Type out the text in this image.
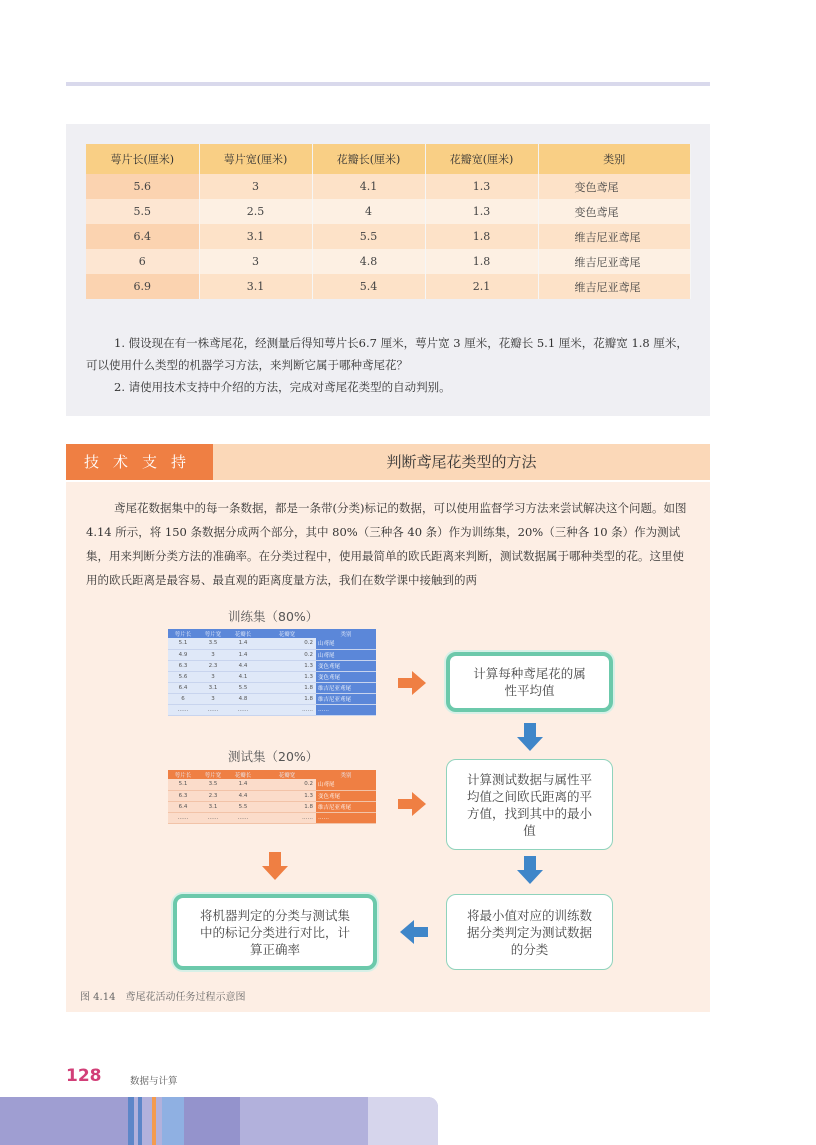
萼片长(厘米)	萼片宽(厘米)	花瓣长(厘米)	花瓣宽(厘米)	类别
5.6	3	4.1	1.3	变色鸢尾
5.5	2.5	4	1.3	变色鸢尾
6.4	3.1	5.5	1.8	维吉尼亚鸢尾
6	3	4.8	1.8	维吉尼亚鸢尾
6.9	3.1	5.4	2.1	维吉尼亚鸢尾

1. 假设现在有一株鸢尾花，经测量后得知萼片长6.7 厘米，萼片宽 3 厘米，花瓣长 5.1 厘米，花瓣宽 1.8 厘米，可以使用什么类型的机器学习方法，来判断它属于哪种鸢尾花？

2. 请使用技术支持中介绍的方法，完成对鸢尾花类型的自动判别。

技术支持	判断鸢尾花类型的方法

鸢尾花数据集中的每一条数据，都是一条带(分类)标记的数据，可以使用监督学习方法来尝试解决这个问题。如图 4.14 所示，将 150 条数据分成两个部分，其中 80%（三种各 40 条）作为训练集，20%（三种各 10 条）作为测试集，用来判断分类方法的准确率。在分类过程中，使用最简单的欧氏距离来判断，测试数据属于哪种类型的花。这里使用的欧氏距离是最容易、最直观的距离度量方法，我们在数学课中接触到的两

训练集（80%）
萼片长	萼片宽	花瓣长	花瓣宽	类别
5.1	3.5	1.4	0.2	山鸢尾
4.9	3	1.4	0.2	山鸢尾
6.3	2.3	4.4	1.3	变色鸢尾
5.6	3	4.1	1.3	变色鸢尾
6.4	3.1	5.5	1.8	维吉尼亚鸢尾
6	3	4.8	1.8	维吉尼亚鸢尾
……	……	……	……	……
测试集（20%）
萼片长	萼片宽	花瓣长	花瓣宽	类别
5.1	3.5	1.4	0.2	山鸢尾
6.3	2.3	4.4	1.3	变色鸢尾
6.4	3.1	5.5	1.8	维吉尼亚鸢尾
……	……	……	……	……
计算每种鸢尾花的属性平均值
计算测试数据与属性平均值之间欧氏距离的平方值，找到其中的最小值
将最小值对应的训练数据分类判定为测试数据的分类
将机器判定的分类与测试集中的标记分类进行对比，计算正确率
图 4.14　鸢尾花活动任务过程示意图
128	数据与计算
